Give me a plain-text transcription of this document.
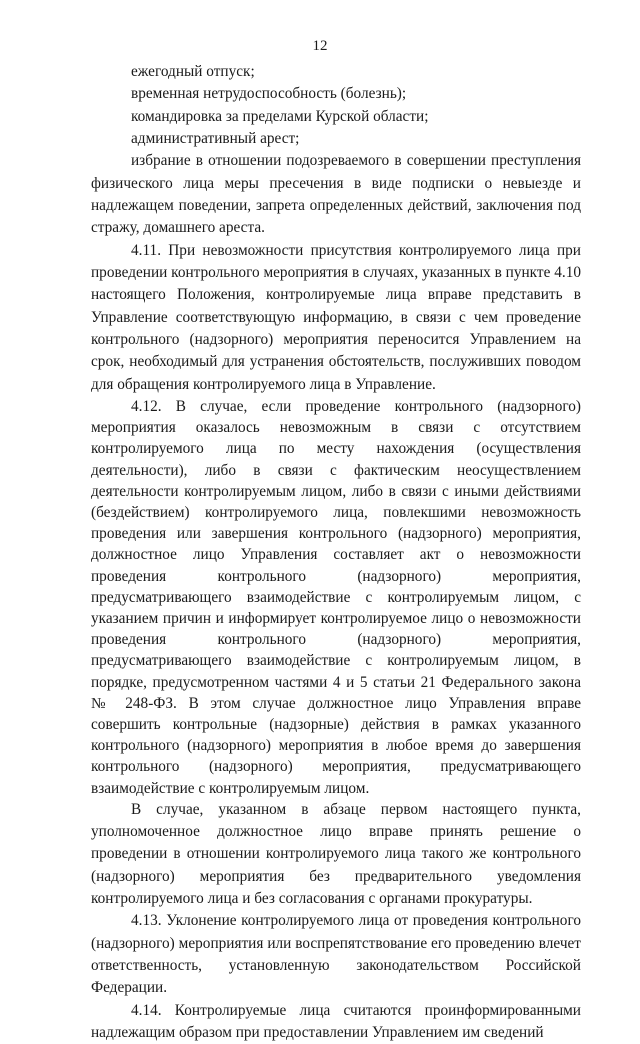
12

ежегодный отпуск;

временная нетрудоспособность (болезнь);

командировка за пределами Курской области;

административный арест;

избрание в отношении подозреваемого в совершении преступления физического лица меры пресечения в виде подписки о невыезде и надлежащем поведении, запрета определенных действий, заключения под стражу, домашнего ареста.

4.11. При невозможности присутствия контролируемого лица при проведении контрольного мероприятия в случаях, указанных в пункте 4.10 настоящего Положения, контролируемые лица вправе представить в Управление соответствующую информацию, в связи с чем проведение контрольного (надзорного) мероприятия переносится Управлением на срок, необходимый для устранения обстоятельств, послуживших поводом для обращения контролируемого лица в Управление.

4.12. В случае, если проведение контрольного (надзорного) мероприятия оказалось невозможным в связи с отсутствием контролируемого лица по месту нахождения (осуществления деятельности), либо в связи с фактическим неосуществлением деятельности контролируемым лицом, либо в связи с иными действиями (бездействием) контролируемого лица, повлекшими невозможность проведения или завершения контрольного (надзорного) мероприятия, должностное лицо Управления составляет акт о невозможности проведения контрольного (надзорного) мероприятия, предусматривающего взаимодействие с контролируемым лицом, с указанием причин и информирует контролируемое лицо о невозможности проведения контрольного (надзорного) мероприятия, предусматривающего взаимодействие с контролируемым лицом, в порядке, предусмотренном частями 4 и 5 статьи 21 Федерального закона № 248-ФЗ. В этом случае должностное лицо Управления вправе совершить контрольные (надзорные) действия в рамках указанного контрольного (надзорного) мероприятия в любое время до завершения контрольного (надзорного) мероприятия, предусматривающего взаимодействие с контролируемым лицом.

В случае, указанном в абзаце первом настоящего пункта, уполномоченное должностное лицо вправе принять решение о проведении в отношении контролируемого лица такого же контрольного (надзорного) мероприятия без предварительного уведомления контролируемого лица и без согласования с органами прокуратуры.

4.13. Уклонение контролируемого лица от проведения контрольного (надзорного) мероприятия или воспрепятствование его проведению влечет ответственность, установленную законодательством Российской Федерации.

4.14. Контролируемые лица считаются проинформированными надлежащим образом при предоставлении Управлением им сведений
